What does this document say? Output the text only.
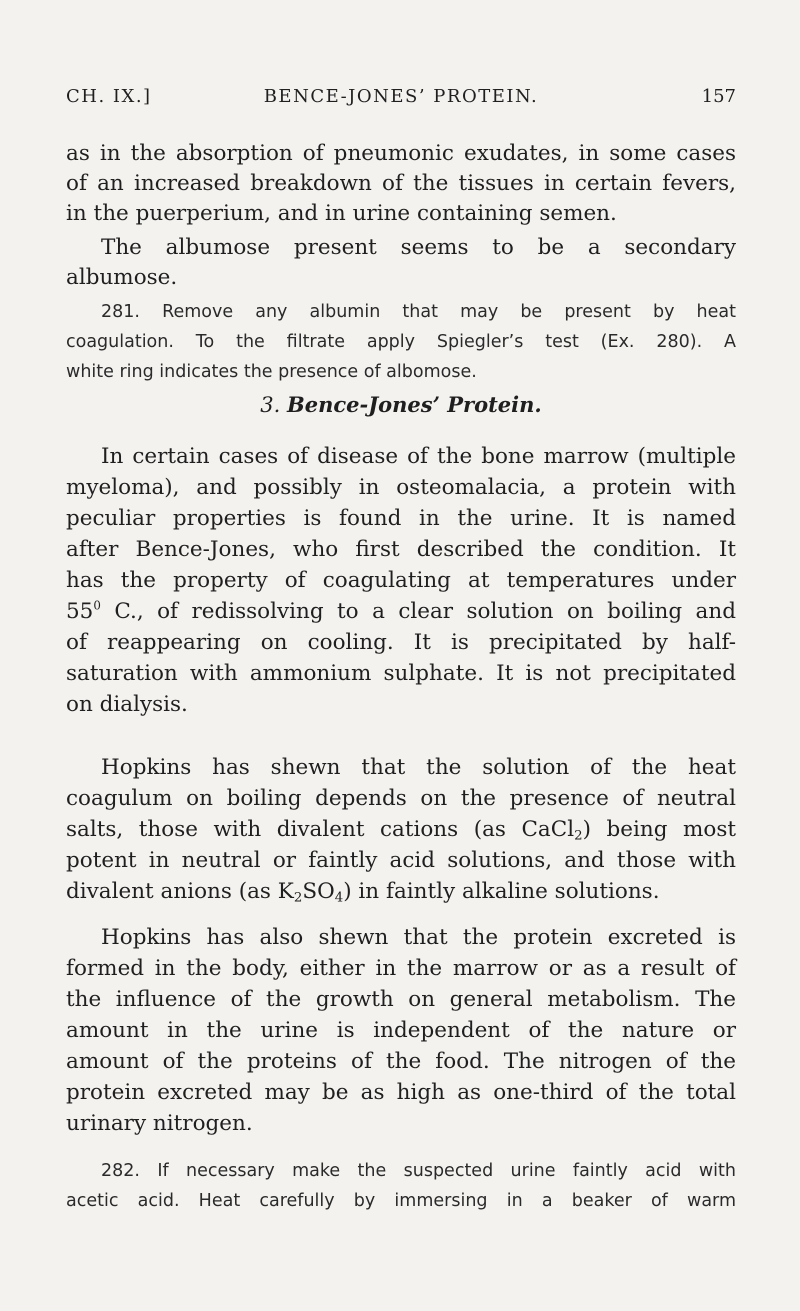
CH. IX.]	BENCE-JONES’ PROTEIN.	157
as in the absorption of pneumonic exudates, in some cases
of an increased breakdown of the tissues in certain fevers,
in the puerperium, and in urine containing semen.
The albumose present seems to be a secondary
albumose.
281. Remove any albumin that may be present by heat
coagulation. To the filtrate apply Spiegler’s test (Ex. 280). A
white ring indicates the presence of albomose.
3. Bence-Jones’ Protein.
In certain cases of disease of the bone marrow (multiple
myeloma), and possibly in osteomalacia, a protein with
peculiar properties is found in the urine. It is named
after Bence-Jones, who first described the condition. It
has the property of coagulating at temperatures under
$55^0$ C., of redissolving to a clear solution on boiling and
of reappearing on cooling. It is precipitated by half-
saturation with ammonium sulphate. It is not precipitated
on dialysis.
Hopkins has shewn that the solution of the heat
coagulum on boiling depends on the presence of neutral
salts, those with divalent cations (as CaCl$_2$) being most
potent in neutral or faintly acid solutions, and those with
divalent anions (as $K_2SO_4$) in faintly alkaline solutions.
Hopkins has also shewn that the protein excreted is
formed in the body, either in the marrow or as a result of
the influence of the growth on general metabolism. The
amount in the urine is independent of the nature or
amount of the proteins of the food. The nitrogen of the
protein excreted may be as high as one-third of the total
urinary nitrogen.
282. If necessary make the suspected urine faintly acid with
acetic acid. Heat carefully by immersing in a beaker of warm
